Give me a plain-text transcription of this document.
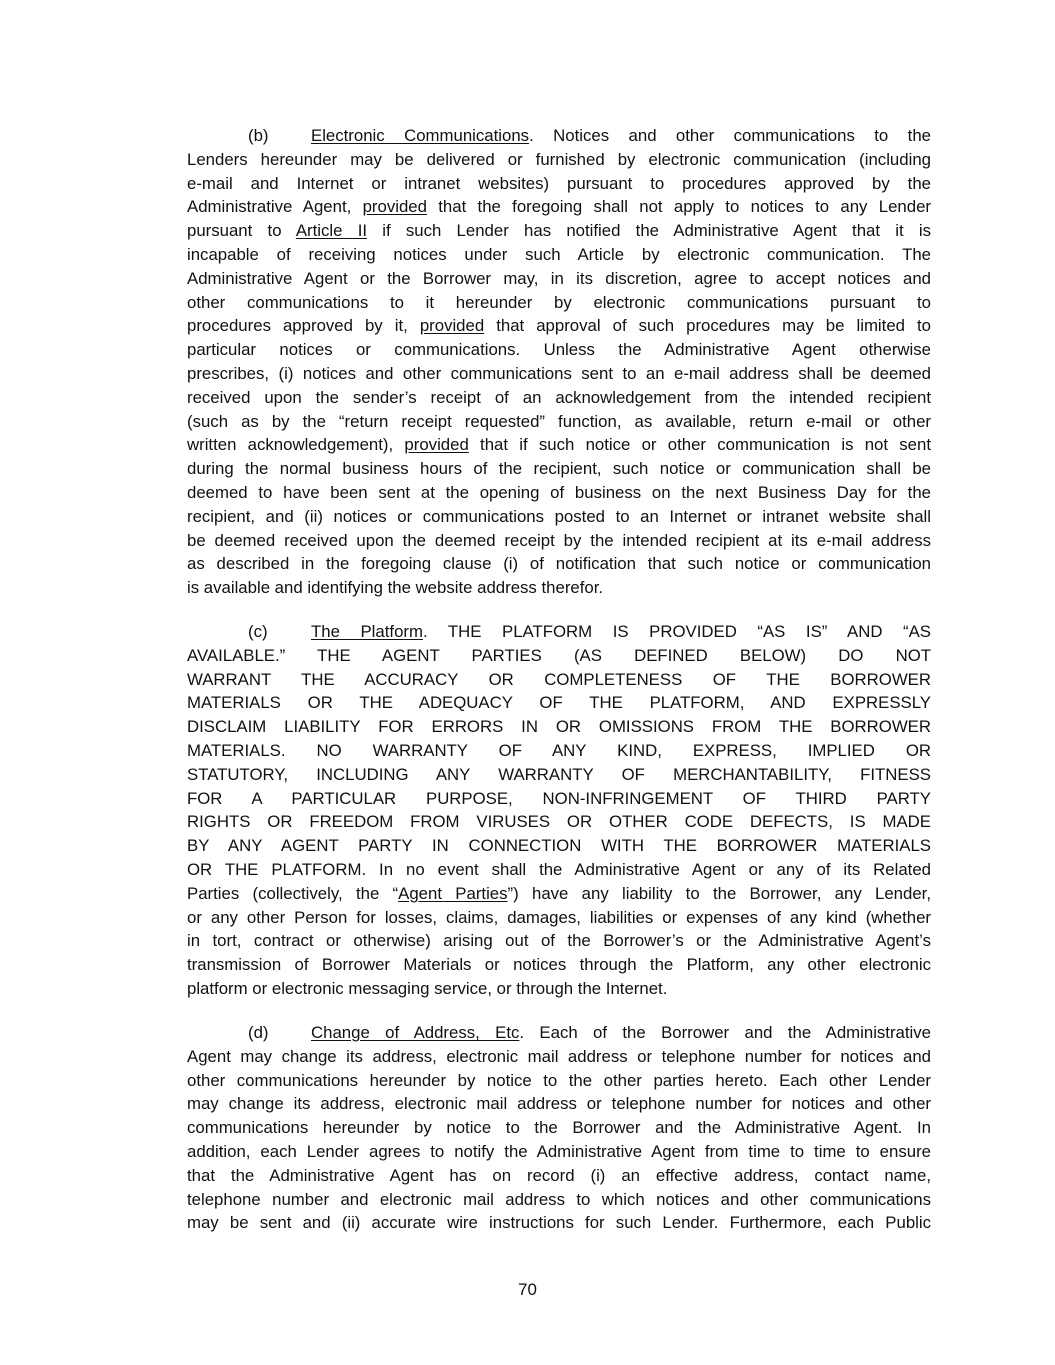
(b)	Electronic Communications. Notices and other communications to the
Lenders hereunder may be delivered or furnished by electronic communication (including
e-mail and Internet or intranet websites) pursuant to procedures approved by the
Administrative Agent, provided that the foregoing shall not apply to notices to any Lender
pursuant to Article II if such Lender has notified the Administrative Agent that it is
incapable of receiving notices under such Article by electronic communication. The
Administrative Agent or the Borrower may, in its discretion, agree to accept notices and
other communications to it hereunder by electronic communications pursuant to
procedures approved by it, provided that approval of such procedures may be limited to
particular notices or communications. Unless the Administrative Agent otherwise
prescribes, (i) notices and other communications sent to an e-mail address shall be deemed
received upon the sender’s receipt of an acknowledgement from the intended recipient
(such as by the “return receipt requested” function, as available, return e-mail or other
written acknowledgement), provided that if such notice or other communication is not sent
during the normal business hours of the recipient, such notice or communication shall be
deemed to have been sent at the opening of business on the next Business Day for the
recipient, and (ii) notices or communications posted to an Internet or intranet website shall
be deemed received upon the deemed receipt by the intended recipient at its e-mail address
as described in the foregoing clause (i) of notification that such notice or communication
is available and identifying the website address therefor.
(c)	The Platform. THE PLATFORM IS PROVIDED “AS IS” AND “AS
AVAILABLE.” THE AGENT PARTIES (AS DEFINED BELOW) DO NOT
WARRANT THE ACCURACY OR COMPLETENESS OF THE BORROWER
MATERIALS OR THE ADEQUACY OF THE PLATFORM, AND EXPRESSLY
DISCLAIM LIABILITY FOR ERRORS IN OR OMISSIONS FROM THE BORROWER
MATERIALS. NO WARRANTY OF ANY KIND, EXPRESS, IMPLIED OR
STATUTORY, INCLUDING ANY WARRANTY OF MERCHANTABILITY, FITNESS
FOR A PARTICULAR PURPOSE, NON-INFRINGEMENT OF THIRD PARTY
RIGHTS OR FREEDOM FROM VIRUSES OR OTHER CODE DEFECTS, IS MADE
BY ANY AGENT PARTY IN CONNECTION WITH THE BORROWER MATERIALS
OR THE PLATFORM. In no event shall the Administrative Agent or any of its Related
Parties (collectively, the “Agent Parties”) have any liability to the Borrower, any Lender,
or any other Person for losses, claims, damages, liabilities or expenses of any kind (whether
in tort, contract or otherwise) arising out of the Borrower’s or the Administrative Agent’s
transmission of Borrower Materials or notices through the Platform, any other electronic
platform or electronic messaging service, or through the Internet.
(d)	Change of Address, Etc. Each of the Borrower and the Administrative
Agent may change its address, electronic mail address or telephone number for notices and
other communications hereunder by notice to the other parties hereto. Each other Lender
may change its address, electronic mail address or telephone number for notices and other
communications hereunder by notice to the Borrower and the Administrative Agent. In
addition, each Lender agrees to notify the Administrative Agent from time to time to ensure
that the Administrative Agent has on record (i) an effective address, contact name,
telephone number and electronic mail address to which notices and other communications
may be sent and (ii) accurate wire instructions for such Lender. Furthermore, each Public
70
